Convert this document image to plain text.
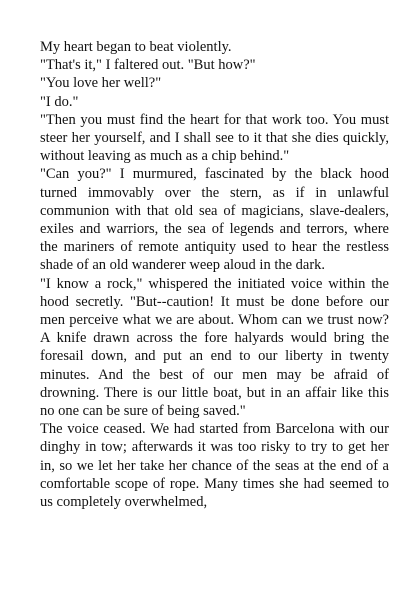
My heart began to beat violently.

"That's it," I faltered out. "But how?"

"You love her well?"

"I do."

"Then you must find the heart for that work too. You must steer her yourself, and I shall see to it that she dies quickly, without leaving as much as a chip behind."

"Can you?" I murmured, fascinated by the black hood turned immovably over the stern, as if in unlawful communion with that old sea of magicians, slave-dealers, exiles and warriors, the sea of legends and terrors, where the mariners of remote antiquity used to hear the restless shade of an old wanderer weep aloud in the dark.

"I know a rock," whispered the initiated voice within the hood secretly. "But--caution! It must be done before our men perceive what we are about. Whom can we trust now? A knife drawn across the fore halyards would bring the foresail down, and put an end to our liberty in twenty minutes. And the best of our men may be afraid of drowning. There is our little boat, but in an affair like this no one can be sure of being saved."

The voice ceased. We had started from Barcelona with our dinghy in tow; afterwards it was too risky to try to get her in, so we let her take her chance of the seas at the end of a comfortable scope of rope. Many times she had seemed to us completely overwhelmed,
